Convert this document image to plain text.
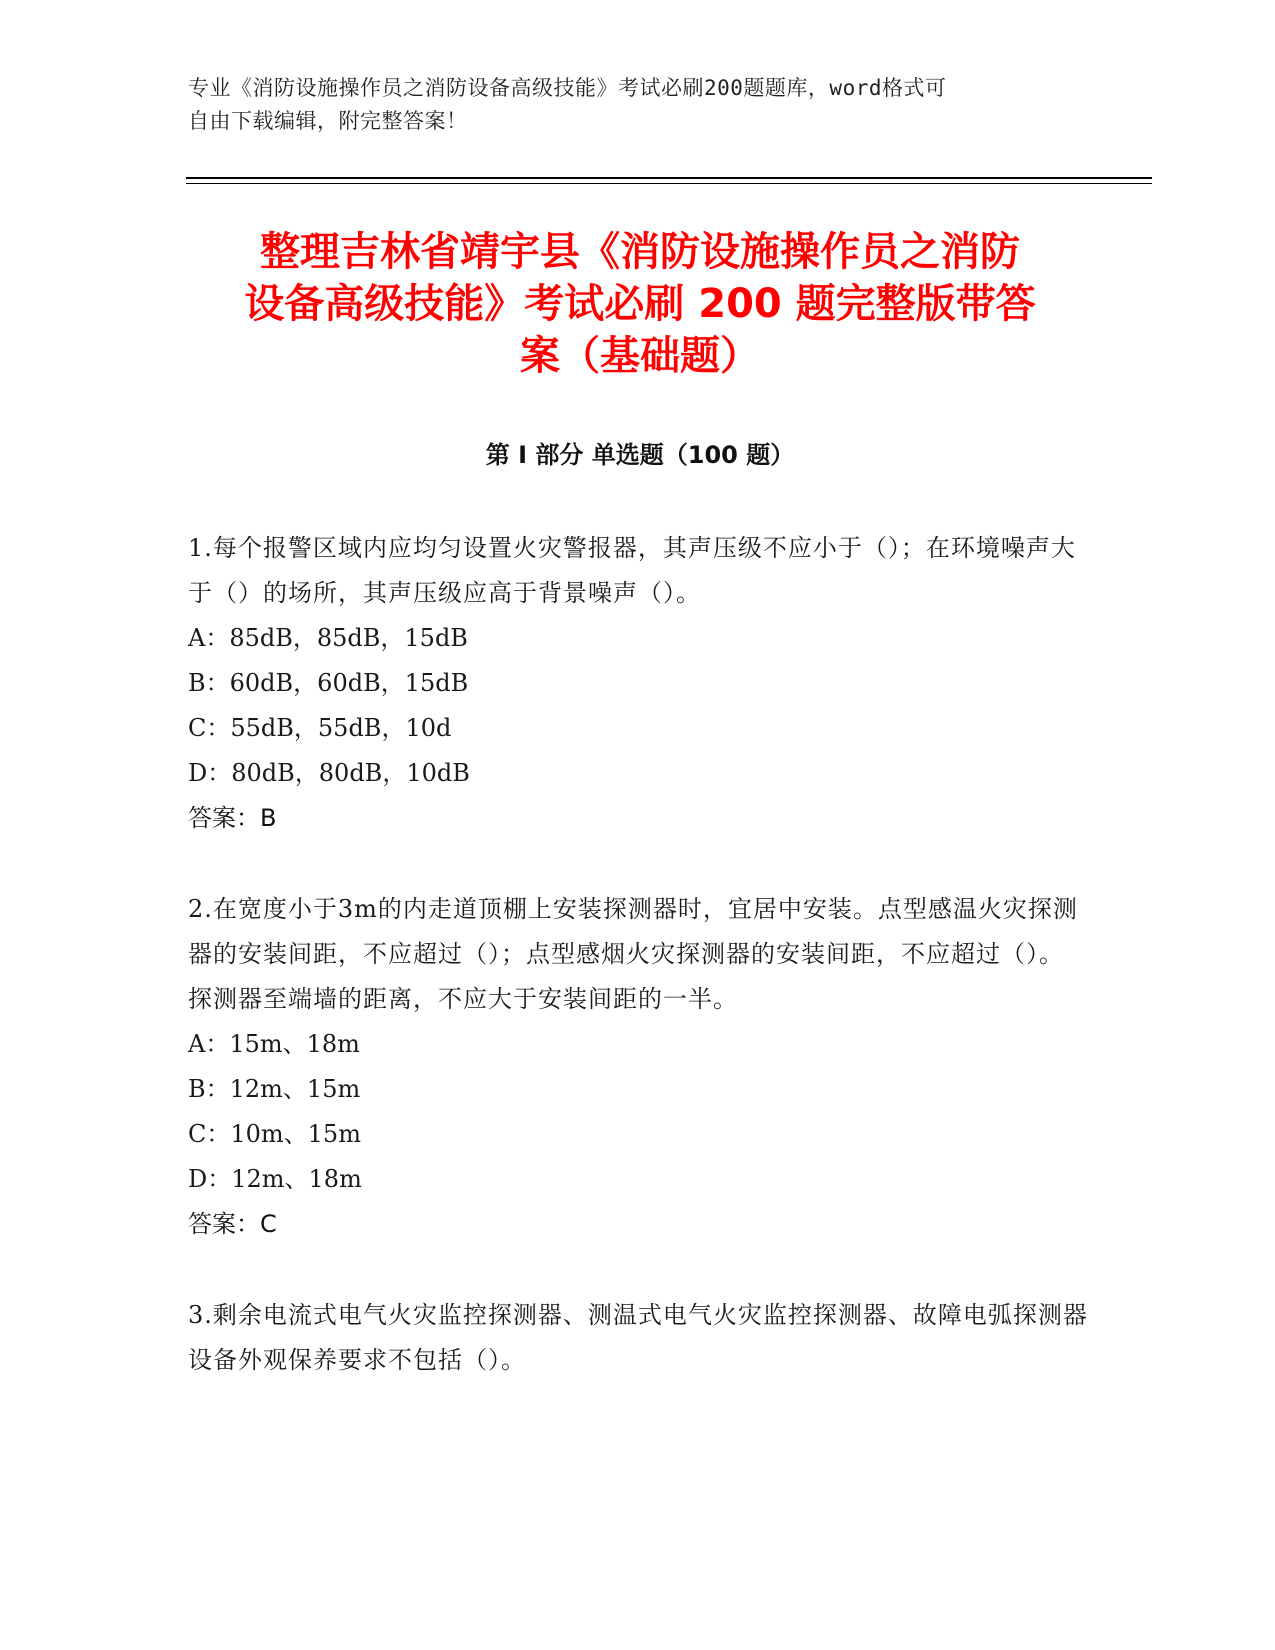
专业《消防设施操作员之消防设备高级技能》考试必刷200题题库，word格式可
自由下载编辑，附完整答案！
整理吉林省靖宇县《消防设施操作员之消防
设备高级技能》考试必刷 200 题完整版带答
案（基础题）
第 I 部分 单选题（100 题）
1.每个报警区域内应均匀设置火灾警报器，其声压级不应小于（）；在环境噪声大于（）的场所，其声压级应高于背景噪声（）。
A：85dB，85dB，15dB
B：60dB，60dB，15dB
C：55dB，55dB，10d
D：80dB，80dB，10dB
答案：B
2.在宽度小于3m的内走道顶棚上安装探测器时，宜居中安装。点型感温火灾探测器的安装间距，不应超过（）；点型感烟火灾探测器的安装间距，不应超过（）。探测器至端墙的距离，不应大于安装间距的一半。
A：15m、18m
B：12m、15m
C：10m、15m
D：12m、18m
答案：C
3.剩余电流式电气火灾监控探测器、测温式电气火灾监控探测器、故障电弧探测器设备外观保养要求不包括（）。
